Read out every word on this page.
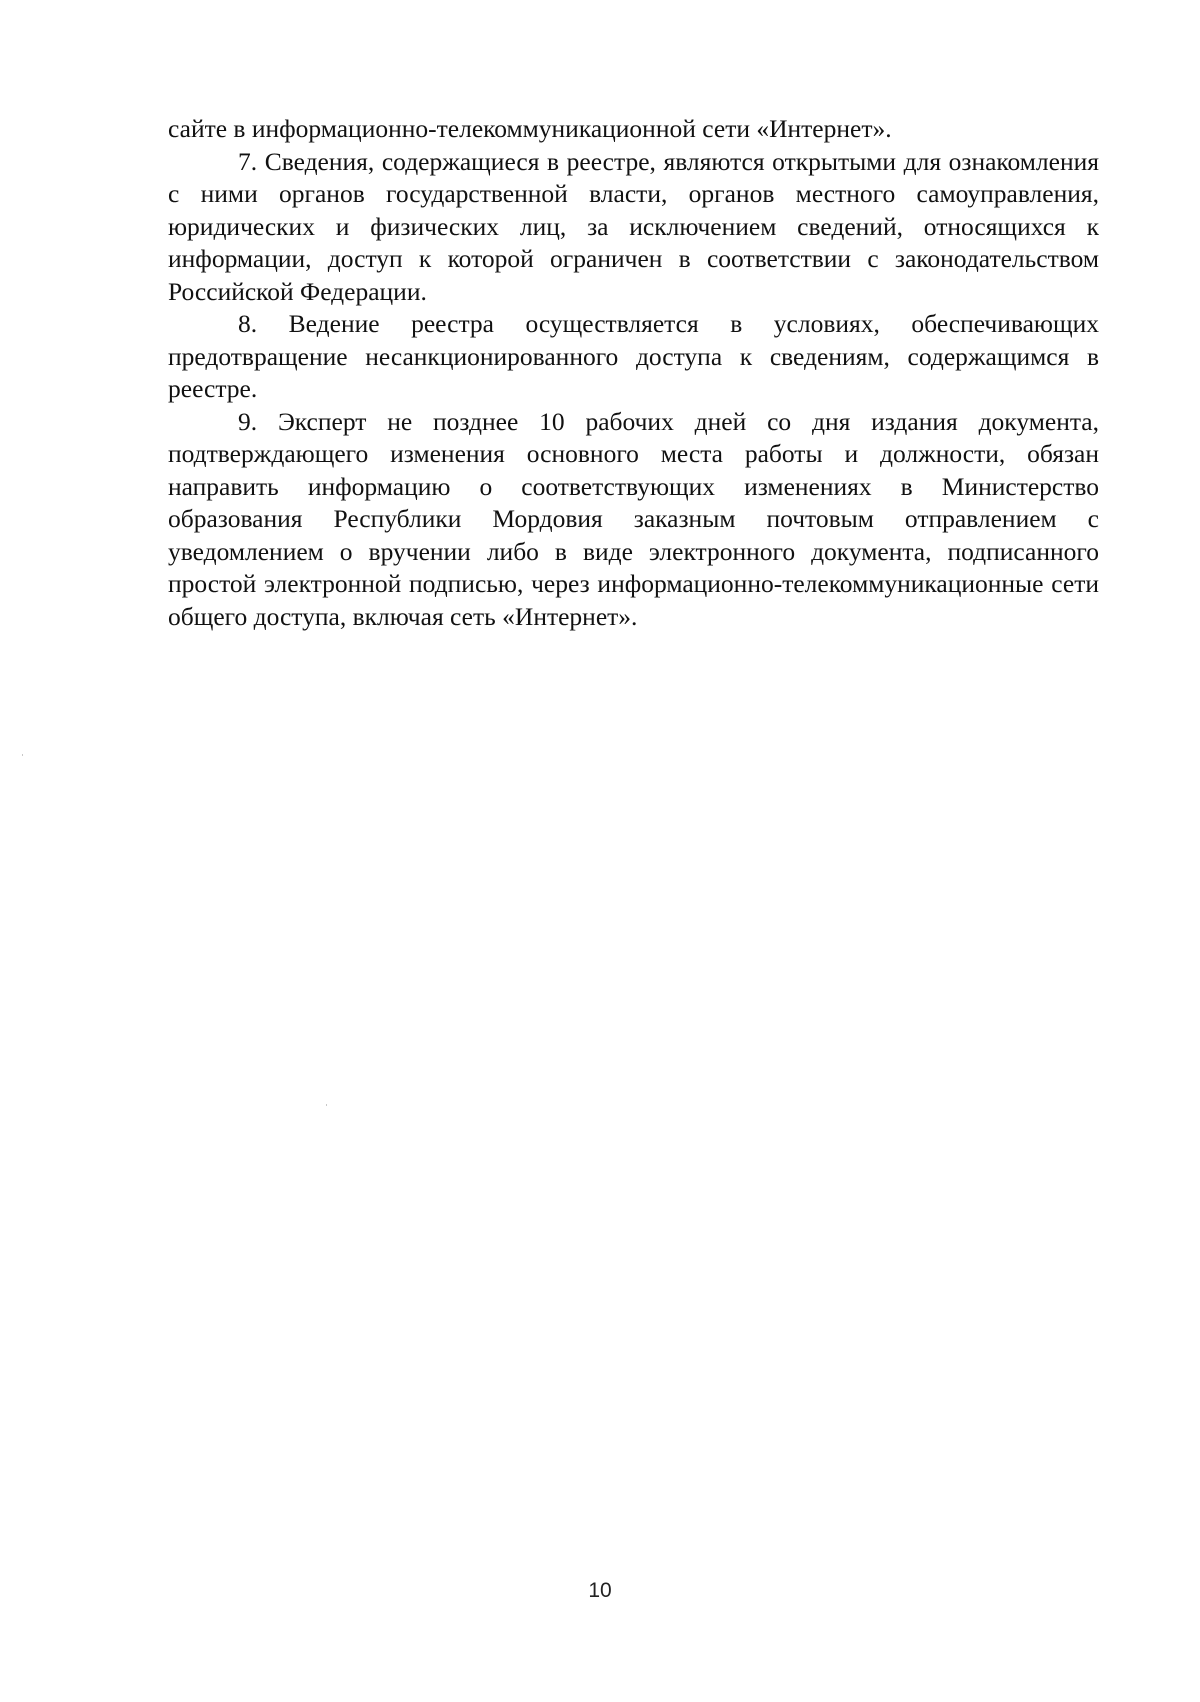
сайте в информационно-телекоммуникационной сети «Интернет».

7. Сведения, содержащиеся в реестре, являются открытыми для ознакомления с ними органов государственной власти, органов местного самоуправления, юридических и физических лиц, за исключением сведений, относящихся к информации, доступ к которой ограничен в соответствии с законодательством Российской Федерации.

8. Ведение реестра осуществляется в условиях, обеспечивающих предотвращение несанкционированного доступа к сведениям, содержащимся в реестре.

9. Эксперт не позднее 10 рабочих дней со дня издания документа, подтверждающего изменения основного места работы и должности, обязан направить информацию о соответствующих изменениях в Министерство образования Республики Мордовия заказным почтовым отправлением с уведомлением о вручении либо в виде электронного документа, подписанного простой электронной подписью, через информационно-телекоммуникационные сети общего доступа, включая сеть «Интернет».

10
